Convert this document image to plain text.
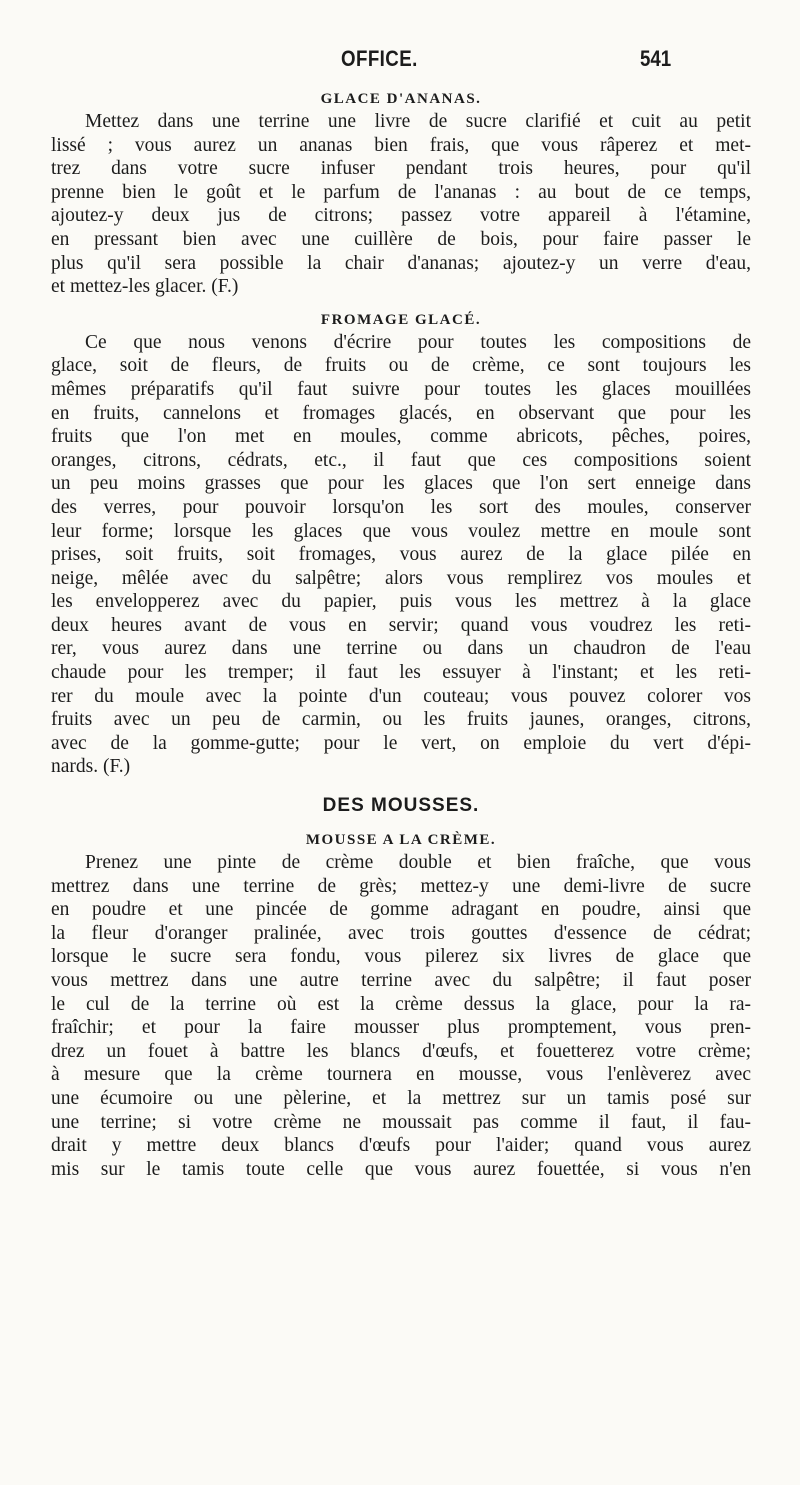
OFFICE.	541
GLACE D'ANANAS.
Mettez dans une terrine une livre de sucre clarifié et cuit au petit
lissé ; vous aurez un ananas bien frais, que vous râperez et met-
trez dans votre sucre infuser pendant trois heures, pour qu'il
prenne bien le goût et le parfum de l'ananas : au bout de ce temps,
ajoutez-y deux jus de citrons; passez votre appareil à l'étamine,
en pressant bien avec une cuillère de bois, pour faire passer le
plus qu'il sera possible la chair d'ananas; ajoutez-y un verre d'eau,
et mettez-les glacer. (F.)
FROMAGE GLACÉ.
Ce que nous venons d'écrire pour toutes les compositions de
glace, soit de fleurs, de fruits ou de crème, ce sont toujours les
mêmes préparatifs qu'il faut suivre pour toutes les glaces mouillées
en fruits, cannelons et fromages glacés, en observant que pour les
fruits que l'on met en moules, comme abricots, pêches, poires,
oranges, citrons, cédrats, etc., il faut que ces compositions soient
un peu moins grasses que pour les glaces que l'on sert enneige dans
des verres, pour pouvoir lorsqu'on les sort des moules, conserver
leur forme; lorsque les glaces que vous voulez mettre en moule sont
prises, soit fruits, soit fromages, vous aurez de la glace pilée en
neige, mêlée avec du salpêtre; alors vous remplirez vos moules et
les envelopperez avec du papier, puis vous les mettrez à la glace
deux heures avant de vous en servir; quand vous voudrez les reti-
rer, vous aurez dans une terrine ou dans un chaudron de l'eau
chaude pour les tremper; il faut les essuyer à l'instant; et les reti-
rer du moule avec la pointe d'un couteau; vous pouvez colorer vos
fruits avec un peu de carmin, ou les fruits jaunes, oranges, citrons,
avec de la gomme-gutte; pour le vert, on emploie du vert d'épi-
nards. (F.)
DES MOUSSES.
MOUSSE A LA CRÈME.
Prenez une pinte de crème double et bien fraîche, que vous
mettrez dans une terrine de grès; mettez-y une demi-livre de sucre
en poudre et une pincée de gomme adragant en poudre, ainsi que
la fleur d'oranger pralinée, avec trois gouttes d'essence de cédrat;
lorsque le sucre sera fondu, vous pilerez six livres de glace que
vous mettrez dans une autre terrine avec du salpêtre; il faut poser
le cul de la terrine où est la crème dessus la glace, pour la ra-
fraîchir; et pour la faire mousser plus promptement, vous pren-
drez un fouet à battre les blancs d'œufs, et fouetterez votre crème;
à mesure que la crème tournera en mousse, vous l'enlèverez avec
une écumoire ou une pèlerine, et la mettrez sur un tamis posé sur
une terrine; si votre crème ne moussait pas comme il faut, il fau-
drait y mettre deux blancs d'œufs pour l'aider; quand vous aurez
mis sur le tamis toute celle que vous aurez fouettée, si vous n'en
